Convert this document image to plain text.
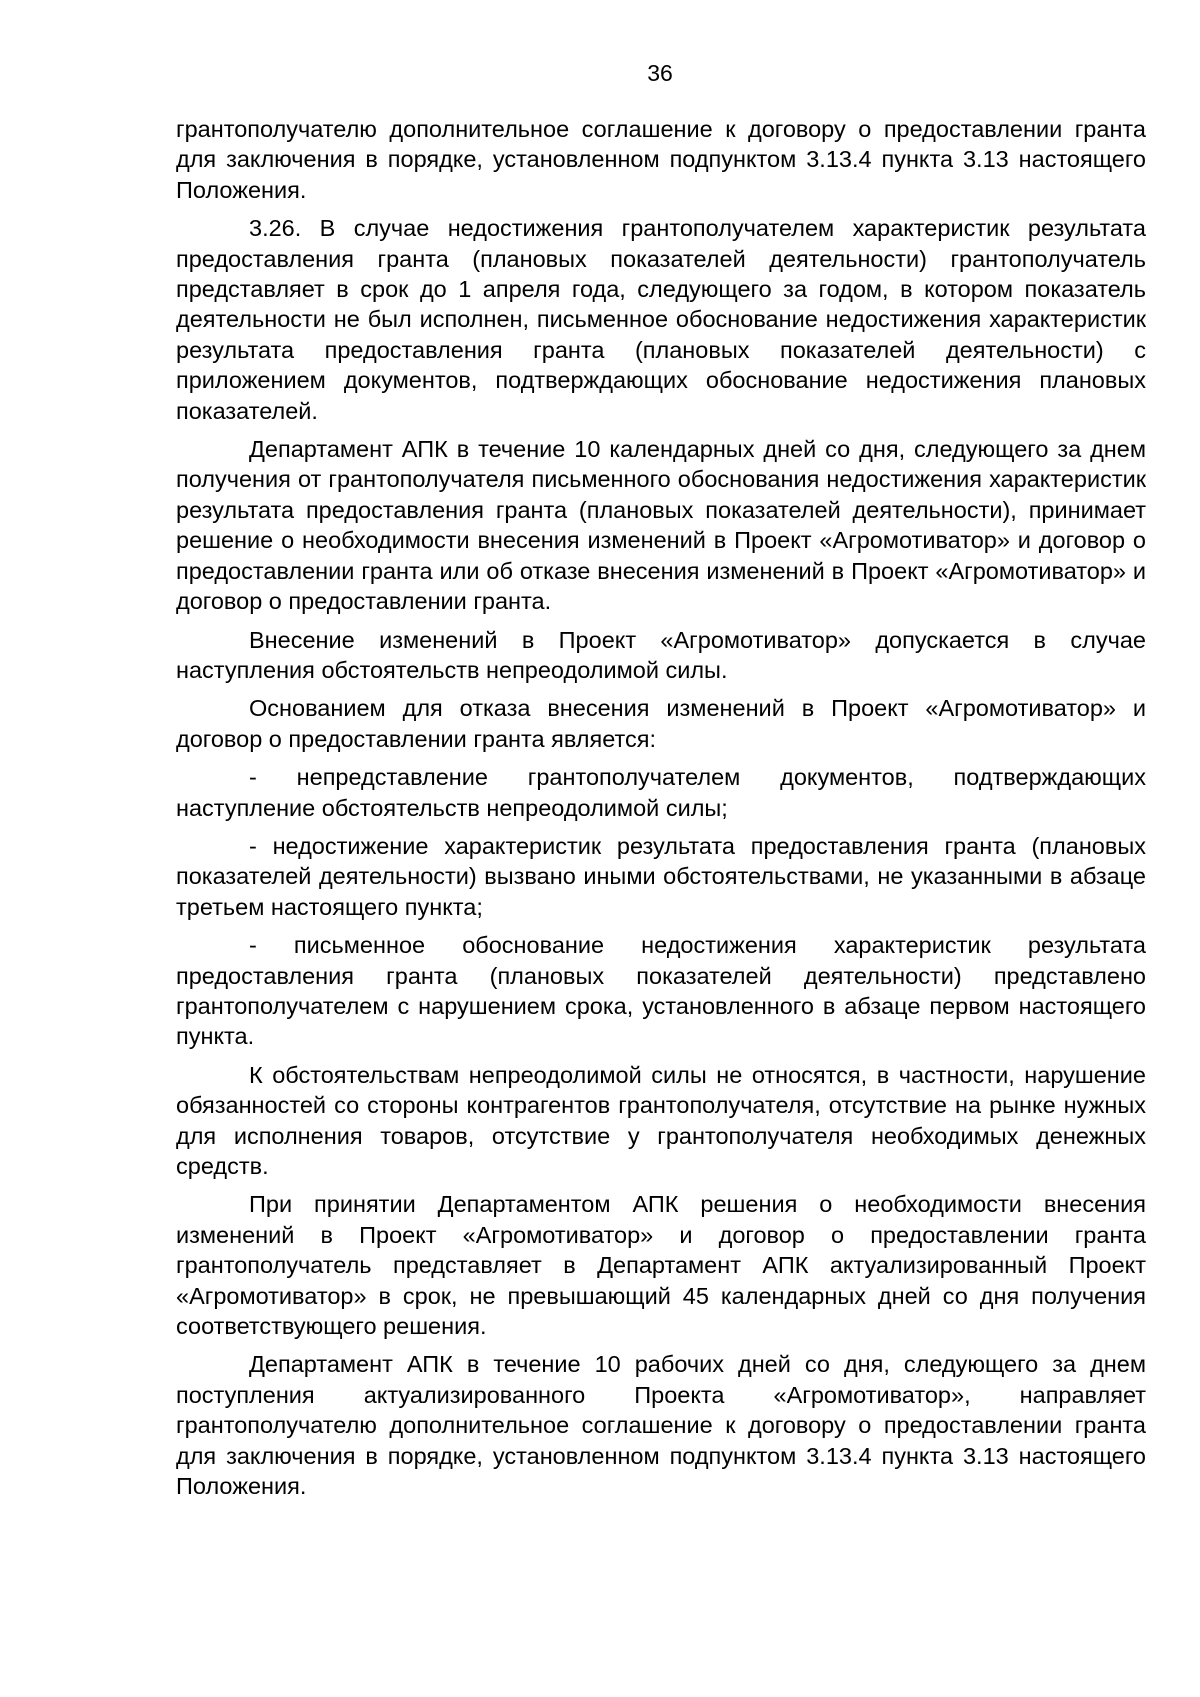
36

грантополучателю дополнительное соглашение к договору о предоставлении гранта для заключения в порядке, установленном подпунктом 3.13.4 пункта 3.13 настоящего Положения.

3.26. В случае недостижения грантополучателем характеристик результата предоставления гранта (плановых показателей деятельности) грантополучатель представляет в срок до 1 апреля года, следующего за годом, в котором показатель деятельности не был исполнен, письменное обоснование недостижения характеристик результата предоставления гранта (плановых показателей деятельности) с приложением документов, подтверждающих обоснование недостижения плановых показателей.

Департамент АПК в течение 10 календарных дней со дня, следующего за днем получения от грантополучателя письменного обоснования недостижения характеристик результата предоставления гранта (плановых показателей деятельности), принимает решение о необходимости внесения изменений в Проект «Агромотиватор» и договор о предоставлении гранта или об отказе внесения изменений в Проект «Агромотиватор» и договор о предоставлении гранта.

Внесение изменений в Проект «Агромотиватор» допускается в случае наступления обстоятельств непреодолимой силы.

Основанием для отказа внесения изменений в Проект «Агромотиватор» и договор о предоставлении гранта является:

- непредставление грантополучателем документов, подтверждающих наступление обстоятельств непреодолимой силы;

- недостижение характеристик результата предоставления гранта (плановых показателей деятельности) вызвано иными обстоятельствами, не указанными в абзаце третьем настоящего пункта;

- письменное обоснование недостижения характеристик результата предоставления гранта (плановых показателей деятельности) представлено грантополучателем с нарушением срока, установленного в абзаце первом настоящего пункта.

К обстоятельствам непреодолимой силы не относятся, в частности, нарушение обязанностей со стороны контрагентов грантополучателя, отсутствие на рынке нужных для исполнения товаров, отсутствие у грантополучателя необходимых денежных средств.

При принятии Департаментом АПК решения о необходимости внесения изменений в Проект «Агромотиватор» и договор о предоставлении гранта грантополучатель представляет в Департамент АПК актуализированный Проект «Агромотиватор» в срок, не превышающий 45 календарных дней со дня получения соответствующего решения.

Департамент АПК в течение 10 рабочих дней со дня, следующего за днем поступления актуализированного Проекта «Агромотиватор», направляет грантополучателю дополнительное соглашение к договору о предоставлении гранта для заключения в порядке, установленном подпунктом 3.13.4 пункта 3.13 настоящего Положения.
